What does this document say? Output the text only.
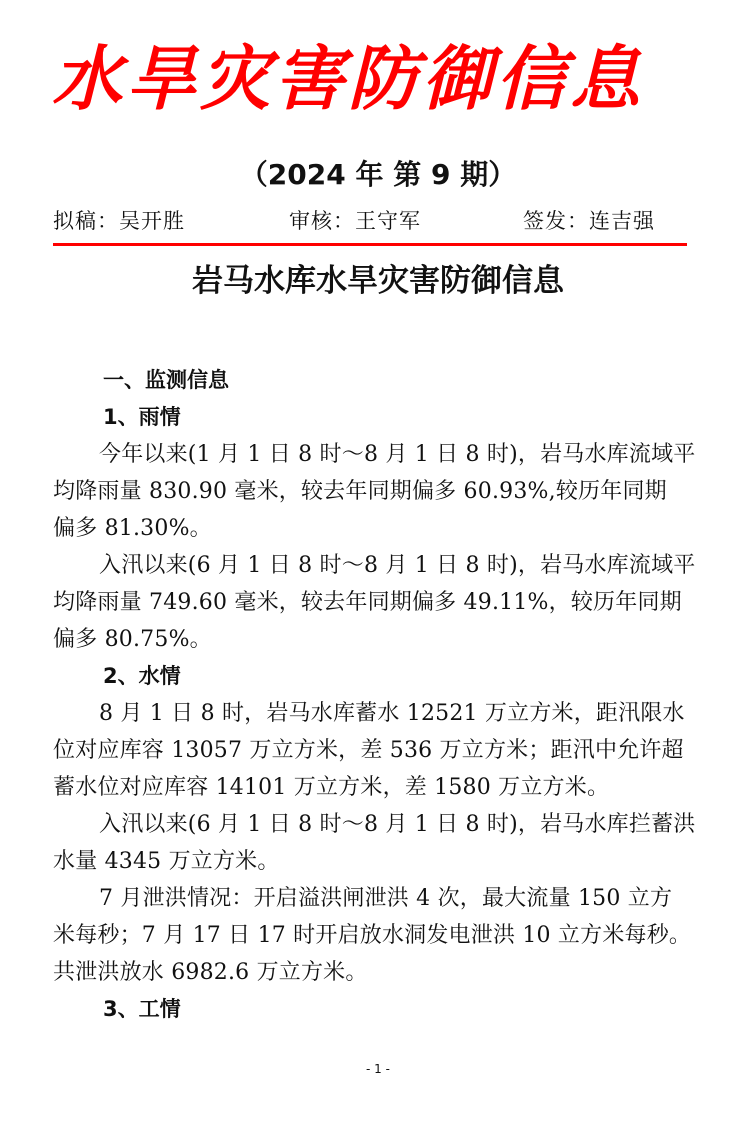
水旱灾害防御信息
（2024 年 第 9 期）
拟稿：吴开胜	审核：王守军	签发：连吉强
岩马水库水旱灾害防御信息
一、监测信息
1、雨情
今年以来(1 月 1 日 8 时～8 月 1 日 8 时)，岩马水库流域平
均降雨量 830.90 毫米，较去年同期偏多 60.93%,较历年同期
偏多 81.30%。
入汛以来(6 月 1 日 8 时～8 月 1 日 8 时)，岩马水库流域平
均降雨量 749.60 毫米，较去年同期偏多 49.11%，较历年同期
偏多 80.75%。
2、水情
8 月 1 日 8 时，岩马水库蓄水 12521 万立方米，距汛限水
位对应库容 13057 万立方米，差 536 万立方米；距汛中允许超
蓄水位对应库容 14101 万立方米，差 1580 万立方米。
入汛以来(6 月 1 日 8 时～8 月 1 日 8 时)，岩马水库拦蓄洪
水量 4345 万立方米。
7 月泄洪情况：开启溢洪闸泄洪 4 次，最大流量 150 立方
米每秒；7 月 17 日 17 时开启放水洞发电泄洪 10 立方米每秒。
共泄洪放水 6982.6 万立方米。
3、工情
- 1 -
